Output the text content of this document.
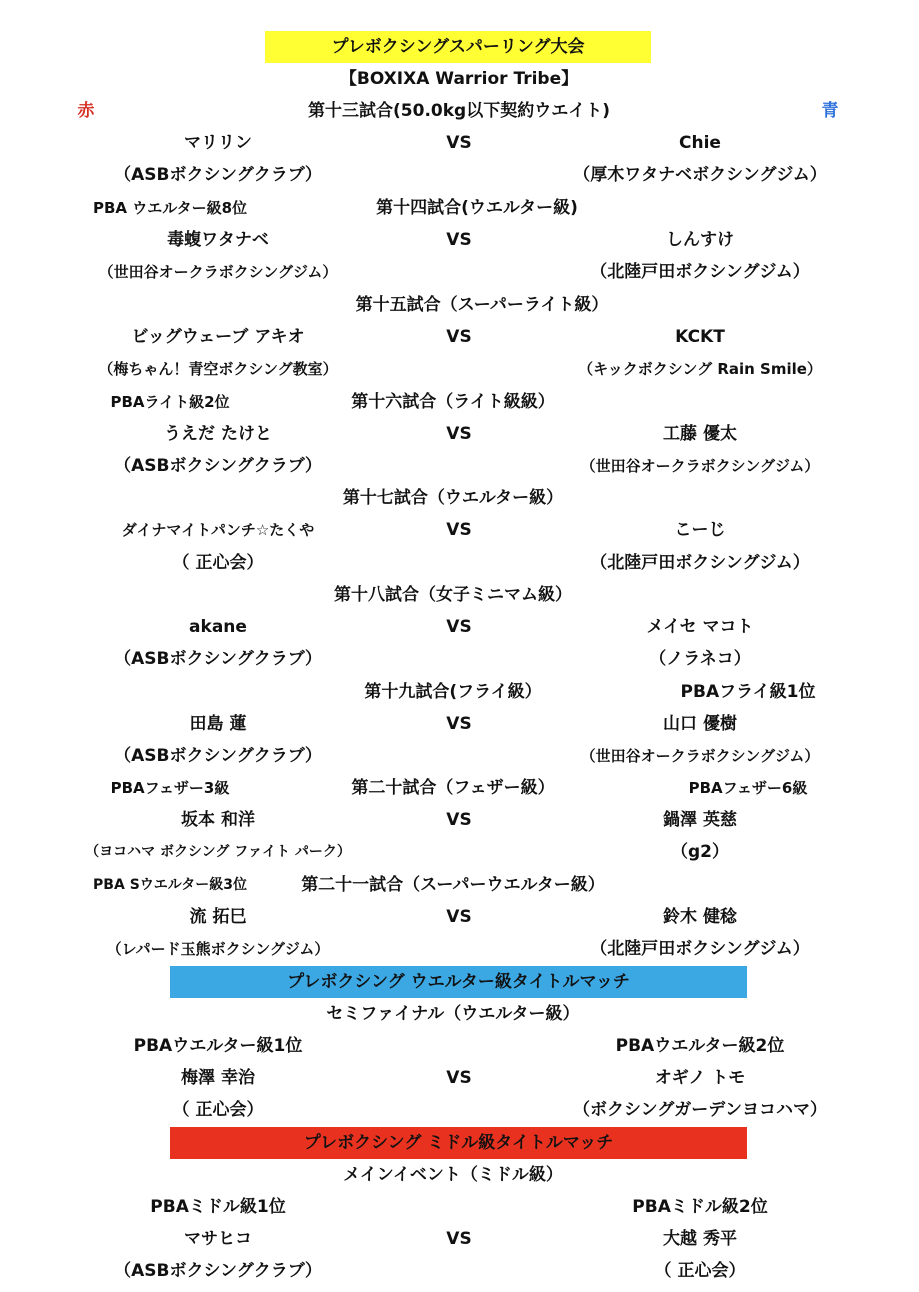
プレボクシングスパーリング大会
【BOXIXA Warrior Tribe】
赤	第十三試合(50.0kg以下契約ウエイト)	青
マリリン	VS	Chie
（ASBボクシングクラブ）	（厚木ワタナベボクシングジム）
PBA ウエルター級8位	第十四試合(ウエルター級)
毒蝮ワタナベ	VS	しんすけ
（世田谷オークラボクシングジム）	（北陸戸田ボクシングジム）
第十五試合（スーパーライト級）
ビッグウェーブ アキオ	VS	KCKT
（梅ちゃん！青空ボクシング教室）	（キックボクシング Rain Smile）
PBAライト級2位	第十六試合（ライト級級）
うえだ たけと	VS	工藤 優太
（ASBボクシングクラブ）	（世田谷オークラボクシングジム）
第十七試合（ウエルター級）
ダイナマイトパンチ☆たくや	VS	こーじ
（ 正心会）	（北陸戸田ボクシングジム）
第十八試合（女子ミニマム級）
akane	VS	メイセ マコト
（ASBボクシングクラブ）	（ノラネコ）
第十九試合(フライ級）	PBAフライ級1位
田島 蓮	VS	山口 優樹
（ASBボクシングクラブ）	（世田谷オークラボクシングジム）
PBAフェザー3級	第二十試合（フェザー級）	PBAフェザー6級
坂本 和洋	VS	鍋澤 英慈
（ヨコハマ ボクシング ファイト パーク）	（g2）
PBA Sウエルター級3位	第二十一試合（スーパーウエルター級）
流 拓巳	VS	鈴木 健稔
（レパード玉熊ボクシングジム）	（北陸戸田ボクシングジム）
プレボクシング ウエルター級タイトルマッチ
セミファイナル（ウエルター級）
PBAウエルター級1位	PBAウエルター級2位
梅澤 幸治	VS	オギノ トモ
（ 正心会）	（ボクシングガーデンヨコハマ）
プレボクシング ミドル級タイトルマッチ
メインイベント（ミドル級）
PBAミドル級1位	PBAミドル級2位
マサヒコ	VS	大越 秀平
（ASBボクシングクラブ）	（ 正心会）
